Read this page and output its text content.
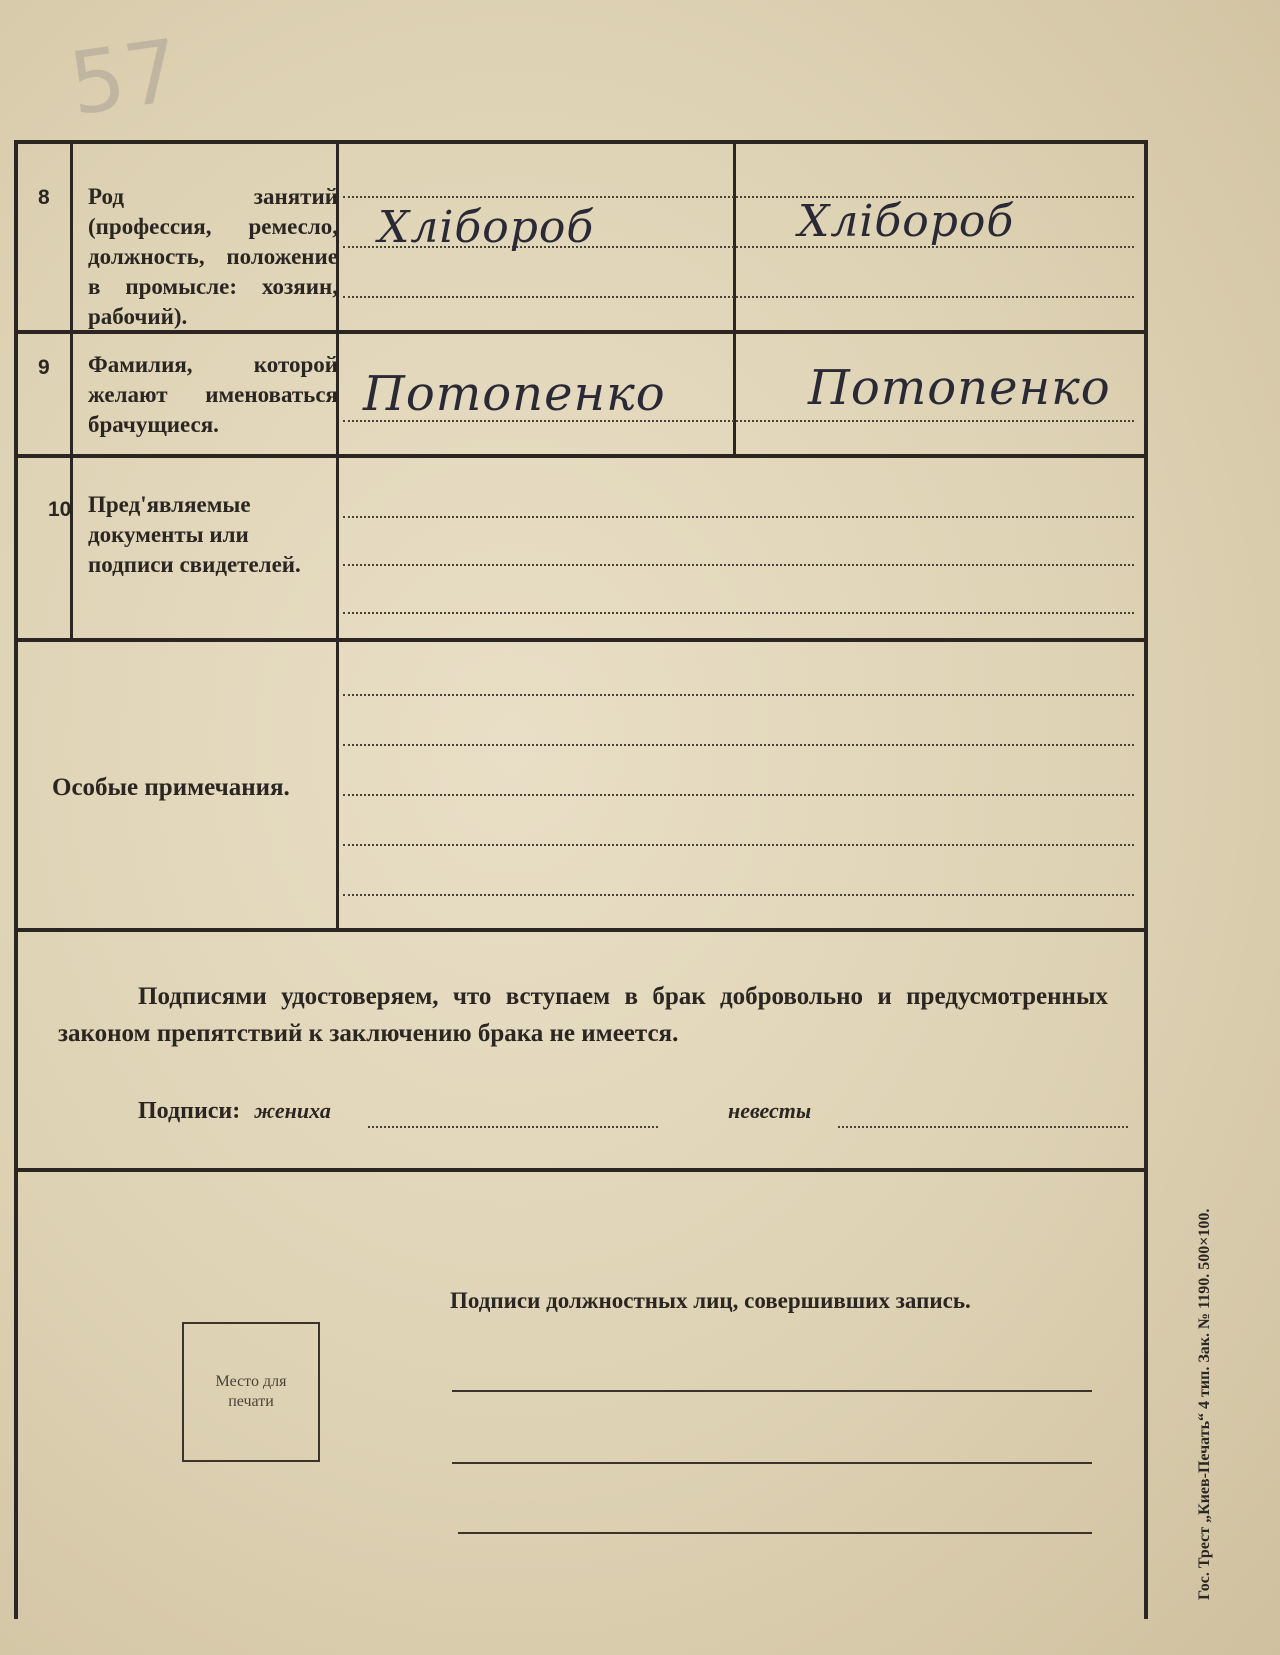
57
8 Род занятий (профессия, ремесло, должность, положение в промысле: хозяин, рабочий).
Хлібороб	Хлібороб
9 Фамилия, которой желают именоваться брачущиеся.
Потопенко	Потопенко
10 Пред'являемые документы или подписи свидетелей.
Особые примечания.
Подписями удостоверяем, что вступаем в брак добровольно и предусмотренных законом препятствий к заключению брака не имеется.
Подписи: жениха	невесты
Подписи должностных лиц, совершивших запись.
Место для печати	Гос. Трест „Киев-Печать“ 4 тип. Зак. № 1190. 500×100.
